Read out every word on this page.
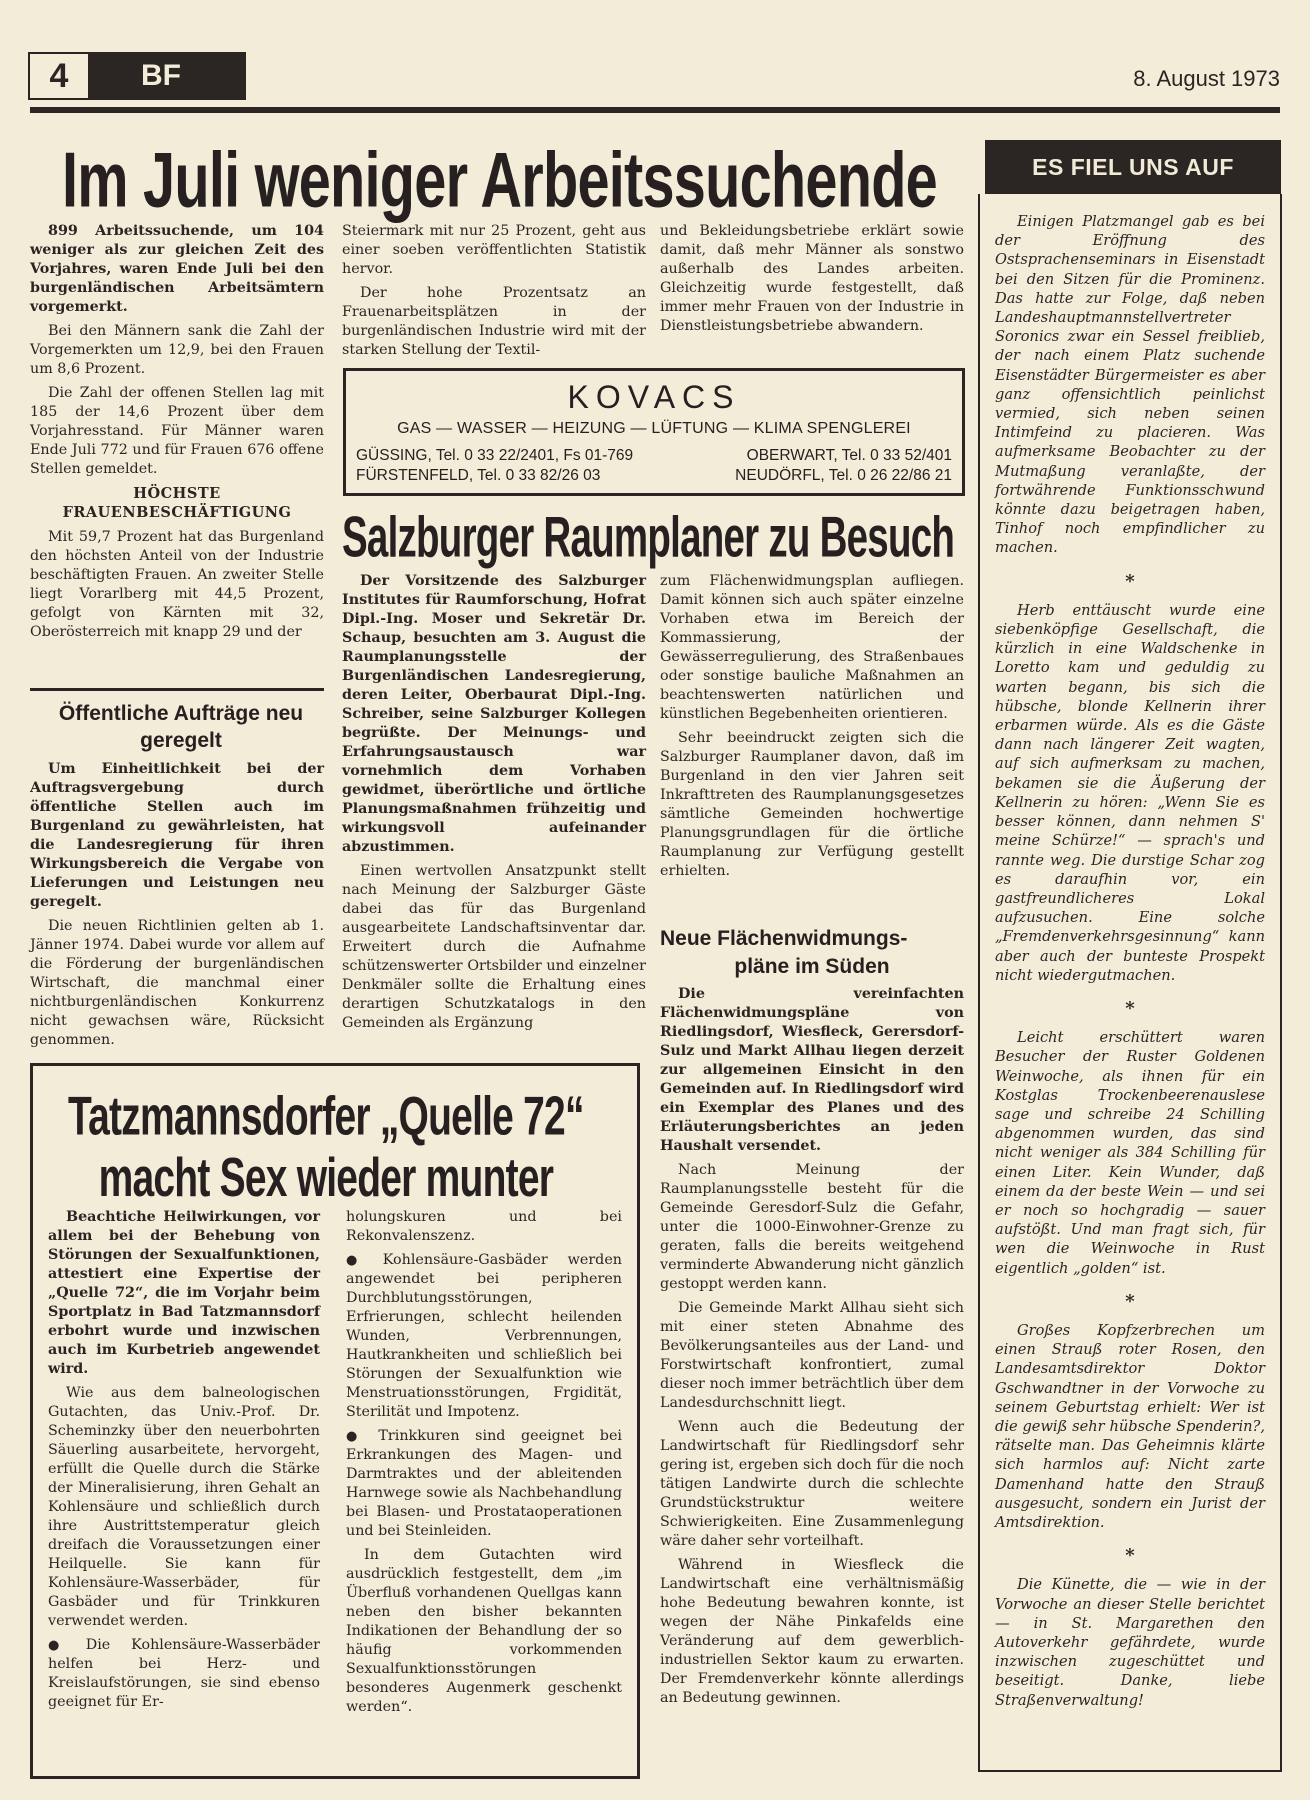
4	BF	8. August 1973
Im Juli weniger Arbeitssuchende

899 Arbeitssuchende, um 104 weniger als zur gleichen Zeit des Vorjahres, waren Ende Juli bei den burgenländischen Arbeitsämtern vorgemerkt.

Bei den Männern sank die Zahl der Vorgemerkten um 12,9, bei den Frauen um 8,6 Prozent.

Die Zahl der offenen Stellen lag mit 185 der 14,6 Prozent über dem Vorjahresstand. Für Männer waren Ende Juli 772 und für Frauen 676 offene Stellen gemeldet.

HÖCHSTE
FRAUENBESCHÄFTIGUNG

Mit 59,7 Prozent hat das Burgenland den höchsten Anteil von der Industrie beschäftigten Frauen. An zweiter Stelle liegt Vorarlberg mit 44,5 Prozent, gefolgt von Kärnten mit 32, Oberösterreich mit knapp 29 und der

Steiermark mit nur 25 Prozent, geht aus einer soeben veröffentlichten Statistik hervor.

Der hohe Prozentsatz an Frauenarbeitsplätzen in der burgenländischen Industrie wird mit der starken Stellung der Textil-

und Bekleidungsbetriebe erklärt sowie damit, daß mehr Männer als sonstwo außerhalb des Landes arbeiten. Gleichzeitig wurde festgestellt, daß immer mehr Frauen von der Industrie in Dienstleistungsbetriebe abwandern.

Öffentliche Aufträge neu geregelt

Um Einheitlichkeit bei der Auftragsvergebung durch öffentliche Stellen auch im Burgenland zu gewährleisten, hat die Landesregierung für ihren Wirkungsbereich die Vergabe von Lieferungen und Leistungen neu geregelt.

Die neuen Richtlinien gelten ab 1. Jänner 1974. Dabei wurde vor allem auf die Förderung der burgenländischen Wirtschaft, die manchmal einer nichtburgenländischen Konkurrenz nicht gewachsen wäre, Rücksicht genommen.

KOVACS
GAS — WASSER — HEIZUNG — LÜFTUNG — KLIMA SPENGLEREI
GÜSSING, Tel. 0 33 22/2401, Fs 01-769	OBERWART, Tel. 0 33 52/401
FÜRSTENFELD, Tel. 0 33 82/26 03	NEUDÖRFL, Tel. 0 26 22/86 21
Salzburger Raumplaner zu Besuch

Der Vorsitzende des Salzburger Institutes für Raumforschung, Hofrat Dipl.-Ing. Moser und Sekretär Dr. Schaup, besuchten am 3. August die Raumplanungsstelle der Burgenländischen Landesregierung, deren Leiter, Oberbaurat Dipl.-Ing. Schreiber, seine Salzburger Kollegen begrüßte. Der Meinungs- und Erfahrungsaustausch war vornehmlich dem Vorhaben gewidmet, überörtliche und örtliche Planungsmaßnahmen frühzeitig und wirkungsvoll aufeinander abzustimmen.

Einen wertvollen Ansatzpunkt stellt nach Meinung der Salzburger Gäste dabei das für das Burgenland ausgearbeitete Landschaftsinventar dar. Erweitert durch die Aufnahme schützenswerter Ortsbilder und einzelner Denkmäler sollte die Erhaltung eines derartigen Schutzkatalogs in den Gemeinden als Ergänzung

zum Flächenwidmungsplan aufliegen. Damit können sich auch später einzelne Vorhaben etwa im Bereich der Kommassierung, der Gewässerregulierung, des Straßenbaues oder sonstige bauliche Maßnahmen an beachtenswerten natürlichen und künstlichen Begebenheiten orientieren.

Sehr beeindruckt zeigten sich die Salzburger Raumplaner davon, daß im Burgenland in den vier Jahren seit Inkrafttreten des Raumplanungsgesetzes sämtliche Gemeinden hochwertige Planungsgrundlagen für die örtliche Raumplanung zur Verfügung gestellt erhielten.

Neue Flächenwidmungs-
pläne im Süden

Die vereinfachten Flächenwidmungspläne von Riedlingsdorf, Wiesfleck, Gerersdorf-Sulz und Markt Allhau liegen derzeit zur allgemeinen Einsicht in den Gemeinden auf. In Riedlingsdorf wird ein Exemplar des Planes und des Erläuterungsberichtes an jeden Haushalt versendet.

Nach Meinung der Raumplanungsstelle besteht für die Gemeinde Geresdorf-Sulz die Gefahr, unter die 1000-Einwohner-Grenze zu geraten, falls die bereits weitgehend verminderte Abwanderung nicht gänzlich gestoppt werden kann.

Die Gemeinde Markt Allhau sieht sich mit einer steten Abnahme des Bevölkerungsanteiles aus der Land- und Forstwirtschaft konfrontiert, zumal dieser noch immer beträchtlich über dem Landesdurchschnitt liegt.

Wenn auch die Bedeutung der Landwirtschaft für Riedlingsdorf sehr gering ist, ergeben sich doch für die noch tätigen Landwirte durch die schlechte Grundstückstruktur weitere Schwierigkeiten. Eine Zusammenlegung wäre daher sehr vorteilhaft.

Während in Wiesfleck die Landwirtschaft eine verhältnismäßig hohe Bedeutung bewahren konnte, ist wegen der Nähe Pinkafelds eine Veränderung auf dem gewerblich-industriellen Sektor kaum zu erwarten. Der Fremdenverkehr könnte allerdings an Bedeutung gewinnen.

Tatzmannsdorfer „Quelle 72“
macht Sex wieder munter

Beachtiche Heilwirkungen, vor allem bei der Behebung von Störungen der Sexualfunktionen, attestiert eine Expertise der „Quelle 72“, die im Vorjahr beim Sportplatz in Bad Tatzmannsdorf erbohrt wurde und inzwischen auch im Kurbetrieb angewendet wird.

Wie aus dem balneologischen Gutachten, das Univ.-Prof. Dr. Scheminzky über den neuerbohrten Säuerling ausarbeitete, hervorgeht, erfüllt die Quelle durch die Stärke der Mineralisierung, ihren Gehalt an Kohlensäure und schließlich durch ihre Austrittstemperatur gleich dreifach die Voraussetzungen einer Heilquelle. Sie kann für Kohlensäure-Wasserbäder, für Gasbäder und für Trinkkuren verwendet werden.

● Die Kohlensäure-Wasserbäder helfen bei Herz- und Kreislaufstörungen, sie sind ebenso geeignet für Er-

holungskuren und bei Rekonvalenszenz.

● Kohlensäure-Gasbäder werden angewendet bei peripheren Durchblutungsstörungen, Erfrierungen, schlecht heilenden Wunden, Verbrennungen, Hautkrankheiten und schließlich bei Störungen der Sexualfunktion wie Menstruationsstörungen, Frgidität, Sterilität und Impotenz.

● Trinkkuren sind geeignet bei Erkrankungen des Magen- und Darmtraktes und der ableitenden Harnwege sowie als Nachbehandlung bei Blasen- und Prostataoperationen und bei Steinleiden.

In dem Gutachten wird ausdrücklich festgestellt, dem „im Überfluß vorhandenen Quellgas kann neben den bisher bekannten Indikationen der Behandlung der so häufig vorkommenden Sexualfunktionsstörungen besonderes Augenmerk geschenkt werden“.

ES FIEL UNS AUF

Einigen Platzmangel gab es bei der Eröffnung des Ostsprachenseminars in Eisenstadt bei den Sitzen für die Prominenz. Das hatte zur Folge, daß neben Landeshauptmannstellvertreter Soronics zwar ein Sessel freiblieb, der nach einem Platz suchende Eisenstädter Bürgermeister es aber ganz offensichtlich peinlichst vermied, sich neben seinen Intimfeind zu placieren. Was aufmerksame Beobachter zu der Mutmaßung veranlaßte, der fortwährende Funktionsschwund könnte dazu beigetragen haben, Tinhof noch empfindlicher zu machen.

*

Herb enttäuscht wurde eine siebenköpfige Gesellschaft, die kürzlich in eine Waldschenke in Loretto kam und geduldig zu warten begann, bis sich die hübsche, blonde Kellnerin ihrer erbarmen würde. Als es die Gäste dann nach längerer Zeit wagten, auf sich aufmerksam zu machen, bekamen sie die Äußerung der Kellnerin zu hören: „Wenn Sie es besser können, dann nehmen S' meine Schürze!“ — sprach's und rannte weg. Die durstige Schar zog es daraufhin vor, ein gastfreundlicheres Lokal aufzusuchen. Eine solche „Fremdenverkehrsgesinnung“ kann aber auch der bunteste Prospekt nicht wiedergutmachen.

*

Leicht erschüttert waren Besucher der Ruster Goldenen Weinwoche, als ihnen für ein Kostglas Trockenbeerenauslese sage und schreibe 24 Schilling abgenommen wurden, das sind nicht weniger als 384 Schilling für einen Liter. Kein Wunder, daß einem da der beste Wein — und sei er noch so hochgradig — sauer aufstößt. Und man fragt sich, für wen die Weinwoche in Rust eigentlich „golden“ ist.

*

Großes Kopfzerbrechen um einen Strauß roter Rosen, den Landesamtsdirektor Doktor Gschwandtner in der Vorwoche zu seinem Geburtstag erhielt: Wer ist die gewiß sehr hübsche Spenderin?, rätselte man. Das Geheimnis klärte sich harmlos auf: Nicht zarte Damenhand hatte den Strauß ausgesucht, sondern ein Jurist der Amtsdirektion.

*

Die Künette, die — wie in der Vorwoche an dieser Stelle berichtet — in St. Margarethen den Autoverkehr gefährdete, wurde inzwischen zugeschüttet und beseitigt. Danke, liebe Straßenverwaltung!
